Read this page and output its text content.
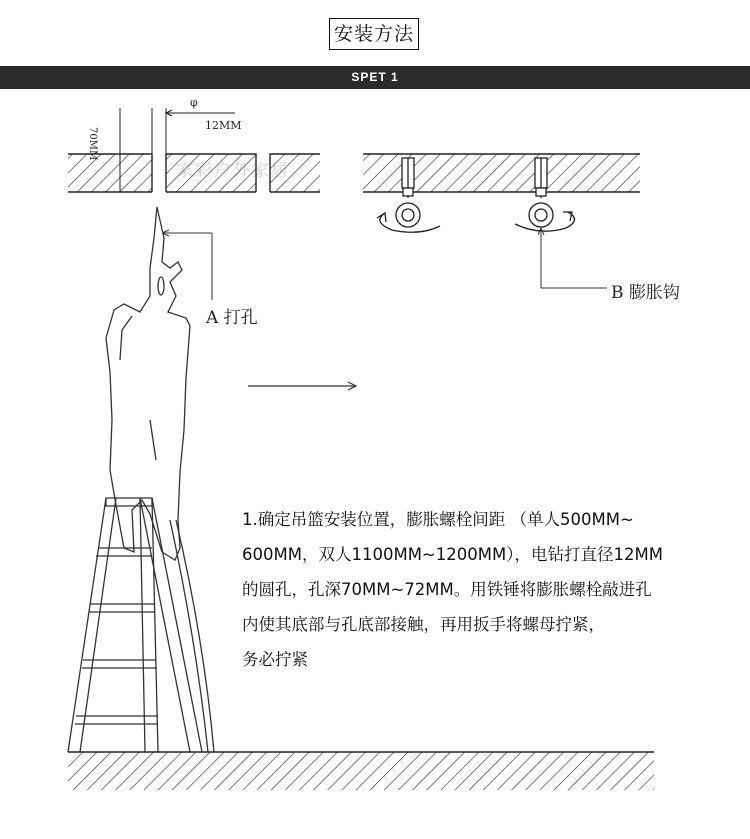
安装方法
SPET 1
φ
12MM
70MM
家彩户外家居
A 打孔
B 膨胀钩
1.确定吊篮安装位置，膨胀螺栓间距 （单人500MM~
600MM，双人1100MM~1200MM），电钻打直径12MM
的圆孔，孔深70MM~72MM。用铁锤将膨胀螺栓敲进孔
内使其底部与孔底部接触，再用扳手将螺母拧紧，
务必拧紧
